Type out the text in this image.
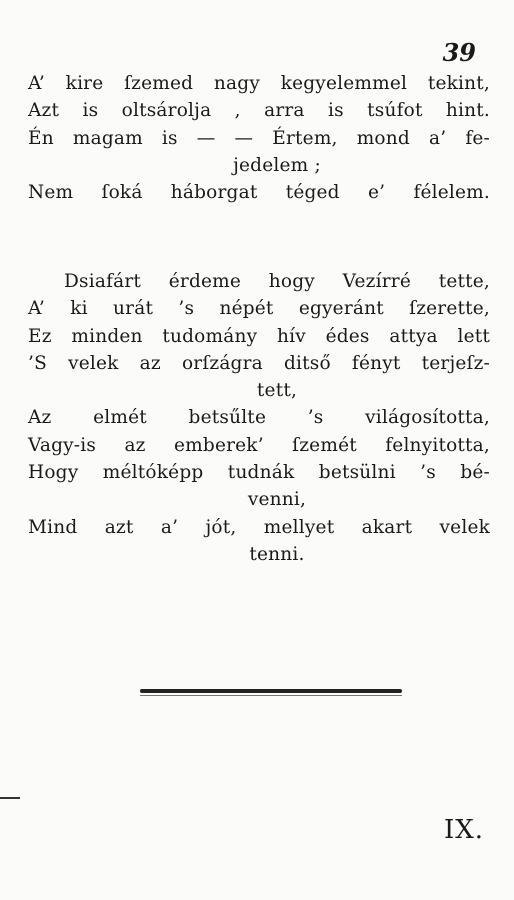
39
A’ kire ſzemed nagy kegyelemmel tekint,
Azt is oltsárolja , arra is tsúfot hint.
Én magam is — — Értem, mond a’ fe-
jedelem ;
Nem ſoká háborgat téged e’ félelem.
Dsiafárt érdeme hogy Vezírré tette,
A’ ki urát ’s népét egyeránt ſzerette,
Ez minden tudomány hív édes attya lett
’S velek az orſzágra ditső fényt terjeſz-
tett,
Az elmét betsűlte ’s világosította,
Vagy-is az emberek’ ſzemét felnyitotta,
Hogy méltóképp tudnák betsülni ’s bé-
venni,
Mind azt a’ jót, mellyet akart velek
tenni.
IX.
